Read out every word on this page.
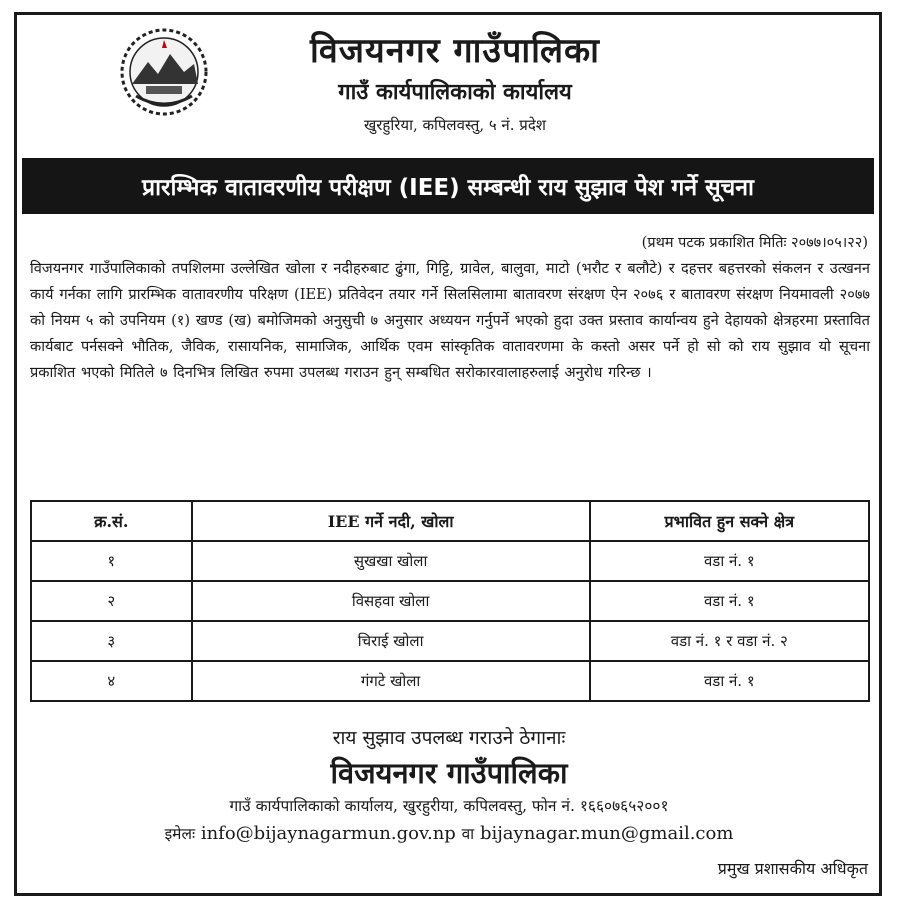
विजयनगर गाउँपालिका
गाउँ कार्यपालिकाको कार्यालय
खुरहुरिया, कपिलवस्तु, ५ नं. प्रदेश
प्रारम्भिक वातावरणीय परीक्षण (IEE) सम्बन्धी राय सुझाव पेश गर्ने सूचना
(प्रथम पटक प्रकाशित मितिः २०७७।०५।२२)
विजयनगर गाउँपालिकाको तपशिलमा उल्लेखित खोला र नदीहरुबाट ढुंगा, गिट्टि, ग्रावेल, बालुवा, माटो (भरौट र बलौटे) र दहत्तर बहत्तरको संकलन र उत्खनन कार्य गर्नका लागि प्रारम्भिक वातावरणीय परिक्षण (IEE) प्रतिवेदन तयार गर्ने सिलसिलामा बातावरण संरक्षण ऐन २०७६ र बातावरण संरक्षण नियमावली २०७७ को नियम ५ को उपनियम (१) खण्ड (ख) बमोजिमको अनुसुची ७ अनुसार अध्ययन गर्नुपर्ने भएको हुदा उक्त प्रस्ताव कार्यान्वय हुने देहायको क्षेत्रहरमा प्रस्तावित कार्यबाट पर्नसक्ने भौतिक, जैविक, रासायनिक, सामाजिक, आर्थिक एवम सांस्कृतिक वातावरणमा के कस्तो असर पर्ने हो सो को राय सुझाव यो सूचना प्रकाशित भएको मितिले ७ दिनभित्र लिखित रुपमा उपलब्ध गराउन हुन् सम्बधित सरोकारवालाहरुलाई अनुरोध गरिन्छ ।
क्र.सं.	IEE गर्ने नदी, खोला	प्रभावित हुन सक्ने क्षेत्र
१	सुखखा खोला	वडा नं. १
२	विसहवा खोला	वडा नं. १
३	चिराई खोला	वडा नं. १ र वडा नं. २
४	गंगटे खोला	वडा नं. १
राय सुझाव उपलब्ध गराउने ठेगानाः
विजयनगर गाउँपालिका
गाउँ कार्यपालिकाको कार्यालय, खुरहुरीया, कपिलवस्तु, फोन नं. १६६०७६५२००१
इमेलः info@bijaynagarmun.gov.np वा bijaynagar.mun@gmail.com
प्रमुख प्रशासकीय अधिकृत
